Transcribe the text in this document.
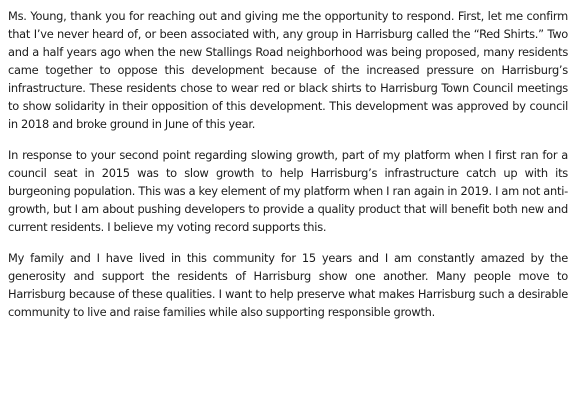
Ms. Young, thank you for reaching out and giving me the opportunity to respond. First, let me confirm that I’ve never heard of, or been associated with, any group in Harrisburg called the “Red Shirts.” Two and a half years ago when the new Stallings Road neighborhood was being proposed, many residents came together to oppose this development because of the increased pressure on Harrisburg’s infrastructure. These residents chose to wear red or black shirts to Harrisburg Town Council meetings to show solidarity in their opposition of this development. This development was approved by council in 2018 and broke ground in June of this year.

In response to your second point regarding slowing growth, part of my platform when I first ran for a council seat in 2015 was to slow growth to help Harrisburg’s infrastructure catch up with its burgeoning population. This was a key element of my platform when I ran again in 2019. I am not anti-growth, but I am about pushing developers to provide a quality product that will benefit both new and current residents. I believe my voting record supports this.

My family and I have lived in this community for 15 years and I am constantly amazed by the generosity and support the residents of Harrisburg show one another. Many people move to Harrisburg because of these qualities. I want to help preserve what makes Harrisburg such a desirable community to live and raise families while also supporting responsible growth.
